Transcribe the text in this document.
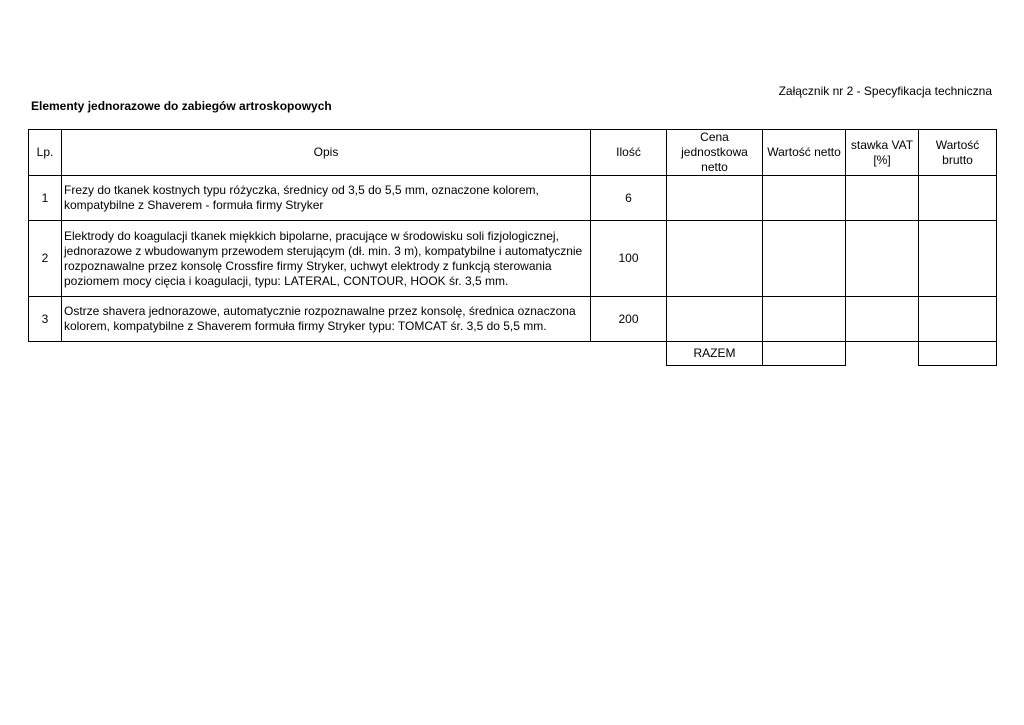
Załącznik nr 2 - Specyfikacja techniczna
Elementy jednorazowe do zabiegów artroskopowych
Lp.	Opis	Ilość	Cena jednostkowa netto	Wartość netto	stawka VAT [%]	Wartość brutto
1	Frezy do tkanek kostnych typu różyczka, średnicy od 3,5 do 5,5 mm, oznaczone kolorem, kompatybilne z Shaverem - formuła firmy Stryker	6				
2	Elektrody do koagulacji tkanek miękkich bipolarne, pracujące w środowisku soli fizjologicznej, jednorazowe z wbudowanym przewodem sterującym (dł. min. 3 m), kompatybilne i automatycznie rozpoznawalne przez konsolę Crossfire firmy Stryker, uchwyt elektrody z funkcją sterowania poziomem mocy cięcia i koagulacji, typu: LATERAL, CONTOUR, HOOK śr. 3,5 mm.	100				
3	Ostrze shavera jednorazowe, automatycznie rozpoznawalne przez konsolę, średnica oznaczona kolorem, kompatybilne z Shaverem formuła firmy Stryker typu: TOMCAT śr. 3,5 do 5,5 mm.	200				
			RAZEM			
